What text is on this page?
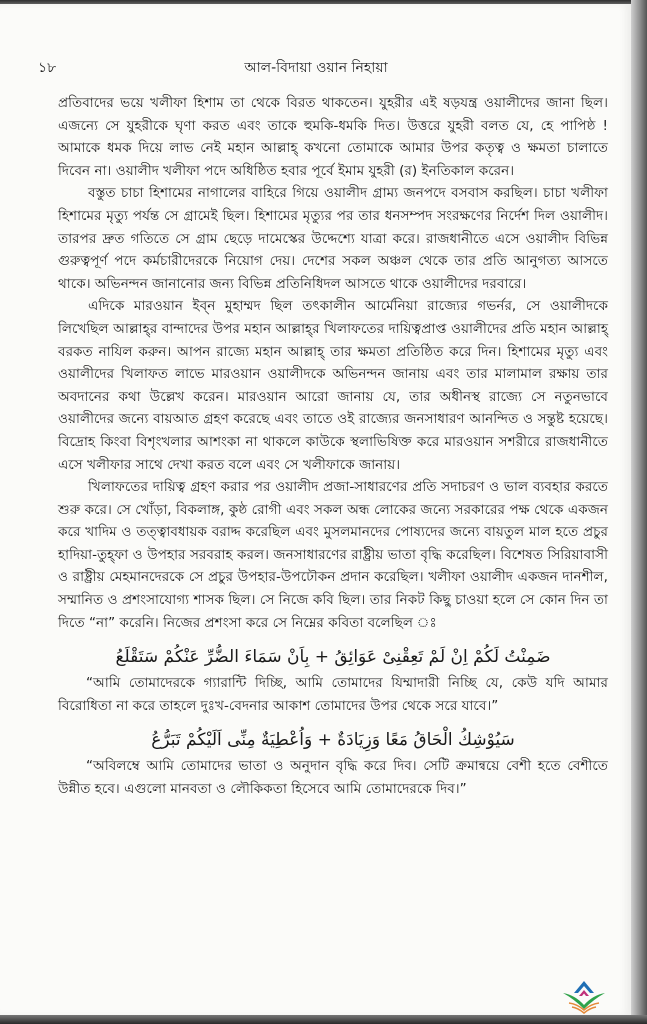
১৮	আল-বিদায়া ওয়ান নিহায়া

প্রতিবাদের ভয়ে খলীফা হিশাম তা থেকে বিরত থাকতেন। যুহরীর এই ষড়যন্ত্র ওয়ালীদের জানা ছিল। এজন্যে সে যুহরীকে ঘৃণা করত এবং তাকে হুমকি-ধমকি দিত। উত্তরে যুহরী বলত যে, হে পাপিষ্ঠ ! আমাকে ধমক দিয়ে লাভ নেই মহান আল্লাহ্ কখনো তোমাকে আমার উপর কতৃত্ব ও ক্ষমতা চালাতে দিবেন না। ওয়ালীদ খলীফা পদে অধিষ্ঠিত হবার পূর্বে ইমাম যুহরী (র) ইনতিকাল করেন।

বস্তুত চাচা হিশামের নাগালের বাহিরে গিয়ে ওয়ালীদ গ্রাম্য জনপদে বসবাস করছিল। চাচা খলীফা হিশামের মৃত্যু পর্যন্ত সে গ্রামেই ছিল। হিশামের মৃত্যুর পর তার ধনসম্পদ সংরক্ষণের নির্দেশ দিল ওয়ালীদ। তারপর দ্রুত গতিতে সে গ্রাম ছেড়ে দামেস্কের উদ্দেশ্যে যাত্রা করে। রাজধানীতে এসে ওয়ালীদ বিভিন্ন গুরুত্বপূর্ণ পদে কর্মচারীদেরকে নিয়োগ দেয়। দেশের সকল অঞ্চল থেকে তার প্রতি আনুগত্য আসতে থাকে। অভিনন্দন জানানোর জন্য বিভিন্ন প্রতিনিধিদল আসতে থাকে ওয়ালীদের দরবারে।

এদিকে মারওয়ান ইব্‌ন মুহাম্মদ ছিল তৎকালীন আর্মেনিয়া রাজ্যের গভর্নর, সে ওয়ালীদকে লিখেছিল আল্লাহ্‌র বান্দাদের উপর মহান আল্লাহ্‌র খিলাফতের দায়িত্বপ্রাপ্ত ওয়ালীদের প্রতি মহান আল্লাহ্ বরকত নাযিল করুন। আপন রাজ্যে মহান আল্লাহ্ তার ক্ষমতা প্রতিষ্ঠিত করে দিন। হিশামের মৃত্যু এবং ওয়ালীদের খিলাফত লাভে মারওয়ান ওয়ালীদকে অভিনন্দন জানায় এবং তার মালামাল রক্ষায় তার অবদানের কথা উল্লেখ করেন। মারওয়ান আরো জানায় যে, তার অধীনস্থ রাজ্যে সে নতুনভাবে ওয়ালীদের জন্যে বায়আত গ্রহণ করেছে এবং তাতে ওই রাজ্যের জনসাধারণ আনন্দিত ও সন্তুষ্ট হয়েছে। বিদ্রোহ কিংবা বিশৃংখলার আশংকা না থাকলে কাউকে স্থলাভিষিক্ত করে মারওয়ান সশরীরে রাজধানীতে এসে খলীফার সাথে দেখা করত বলে এবং সে খলীফাকে জানায়।

খিলাফতের দায়িত্ব গ্রহণ করার পর ওয়ালীদ প্রজা-সাধারণের প্রতি সদাচরণ ও ভাল ব্যবহার করতে শুরু করে। সে খোঁড়া, বিকলাঙ্গ, কুষ্ঠ রোগী এবং সকল অন্ধ লোকের জন্যে সরকারের পক্ষ থেকে একজন করে খাদিম ও তত্ত্বাবধায়ক বরাদ্দ করেছিল এবং মুসলমানদের পোষ্যদের জন্যে বায়তুল মাল হতে প্রচুর হাদিয়া-তুহ্‌ফা ও উপহার সরবরাহ করল। জনসাধারণের রাষ্ট্রীয় ভাতা বৃদ্ধি করেছিল। বিশেষত সিরিয়াবাসী ও রাষ্ট্রীয় মেহমানদেরকে সে প্রচুর উপহার-উপঢৌকন প্রদান করেছিল। খলীফা ওয়ালীদ একজন দানশীল, সম্মানিত ও প্রশংসাযোগ্য শাসক ছিল। সে নিজে কবি ছিল। তার নিকট কিছু চাওয়া হলে সে কোন দিন তা দিতে “না” করেনি। নিজের প্রশংসা করে সে নিম্নের কবিতা বলেছিল ঃ

ضَمِنْتُ لَكُمْ اِنْ لَمْ تَعِقْنِىْ عَوَائِقُ + بِاَنْ سَمَاءَ الضُّرِّ عَنْكُمْ سَتَقْلَعُ

“আমি তোমাদেরকে গ্যারান্টি দিচ্ছি, আমি তোমাদের যিম্মাদারী নিচ্ছি যে, কেউ যদি আমার বিরোধিতা না করে তাহলে দুঃখ-বেদনার আকাশ তোমাদের উপর থেকে সরে যাবে।”

سَيُوْشِكُ الْحَاقُ مَعًا وَزِيَادَةٌ + وَاُعْطِيَةٌ مِنِّى اَلَيْكُمْ تَبَرُّعُ

“অবিলম্বে আমি তোমাদের ভাতা ও অনুদান বৃদ্ধি করে দিব। সেটি ক্রমান্বয়ে বেশী হতে বেশীতে উন্নীত হবে। এগুলো মানবতা ও লৌকিকতা হিসেবে আমি তোমাদেরকে দিব।”
